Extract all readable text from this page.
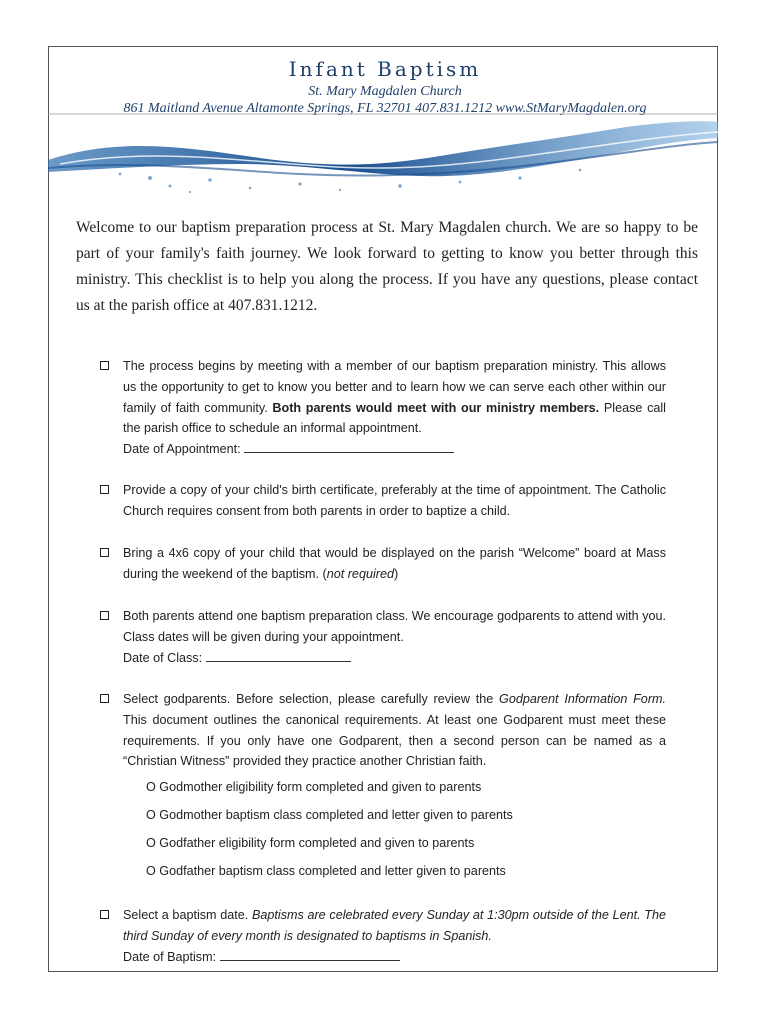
Infant Baptism
St. Mary Magdalen Church
861 Maitland Avenue Altamonte Springs, FL 32701 407.831.1212 www.StMaryMagdalen.org
Welcome to our baptism preparation process at St. Mary Magdalen church. We are so happy to be part of your family's faith journey. We look forward to getting to know you better through this ministry. This checklist is to help you along the process. If you have any questions, please contact us at the parish office at 407.831.1212.
The process begins by meeting with a member of our baptism preparation ministry. This allows us the opportunity to get to know you better and to learn how we can serve each other within our family of faith community. Both parents would meet with our ministry members. Please call the parish office to schedule an informal appointment.
Date of Appointment:
Provide a copy of your child's birth certificate, preferably at the time of appointment. The Catholic Church requires consent from both parents in order to baptize a child.
Bring a 4x6 copy of your child that would be displayed on the parish “Welcome” board at Mass during the weekend of the baptism. (not required)
Both parents attend one baptism preparation class. We encourage godparents to attend with you. Class dates will be given during your appointment.
Date of Class:
Select godparents. Before selection, please carefully review the Godparent Information Form. This document outlines the canonical requirements. At least one Godparent must meet these requirements. If you only have one Godparent, then a second person can be named as a “Christian Witness” provided they practice another Christian faith.
O Godmother eligibility form completed and given to parents
O Godmother baptism class completed and letter given to parents
O Godfather eligibility form completed and given to parents
O Godfather baptism class completed and letter given to parents
Select a baptism date. Baptisms are celebrated every Sunday at 1:30pm outside of the Lent. The third Sunday of every month is designated to baptisms in Spanish.
Date of Baptism:
